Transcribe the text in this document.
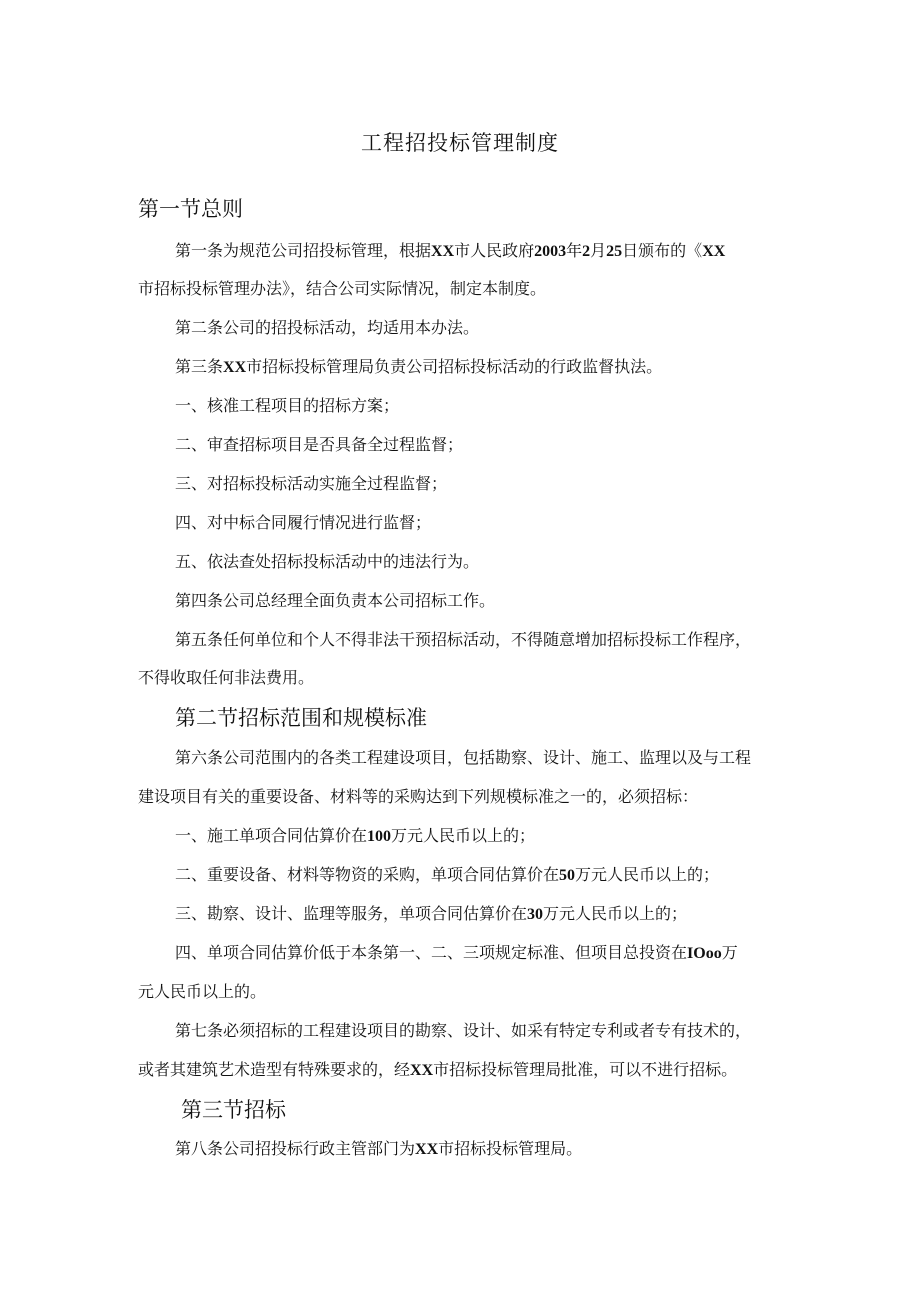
工程招投标管理制度
第一节总则
第一条为规范公司招投标管理，根据XX市人民政府2003年2月25日颁布的《XX
市招标投标管理办法》，结合公司实际情况，制定本制度。
第二条公司的招投标活动，均适用本办法。
第三条XX市招标投标管理局负责公司招标投标活动的行政监督执法。
一、核准工程项目的招标方案；
二、审查招标项目是否具备全过程监督；
三、对招标投标活动实施全过程监督；
四、对中标合同履行情况进行监督；
五、依法查处招标投标活动中的违法行为。
第四条公司总经理全面负责本公司招标工作。
第五条任何单位和个人不得非法干预招标活动，不得随意增加招标投标工作程序，
不得收取任何非法费用。
第二节招标范围和规模标准
第六条公司范围内的各类工程建设项目，包括勘察、设计、施工、监理以及与工程
建设项目有关的重要设备、材料等的采购达到下列规模标准之一的，必须招标：
一、施工单项合同估算价在100万元人民币以上的；
二、重要设备、材料等物资的采购，单项合同估算价在50万元人民币以上的；
三、勘察、设计、监理等服务，单项合同估算价在30万元人民币以上的；
四、单项合同估算价低于本条第一、二、三项规定标准、但项目总投资在IOoo万
元人民币以上的。
第七条必须招标的工程建设项目的勘察、设计、如采有特定专利或者专有技术的，
或者其建筑艺术造型有特殊要求的，经XX市招标投标管理局批准，可以不进行招标。
第三节招标
第八条公司招投标行政主管部门为XX市招标投标管理局。
